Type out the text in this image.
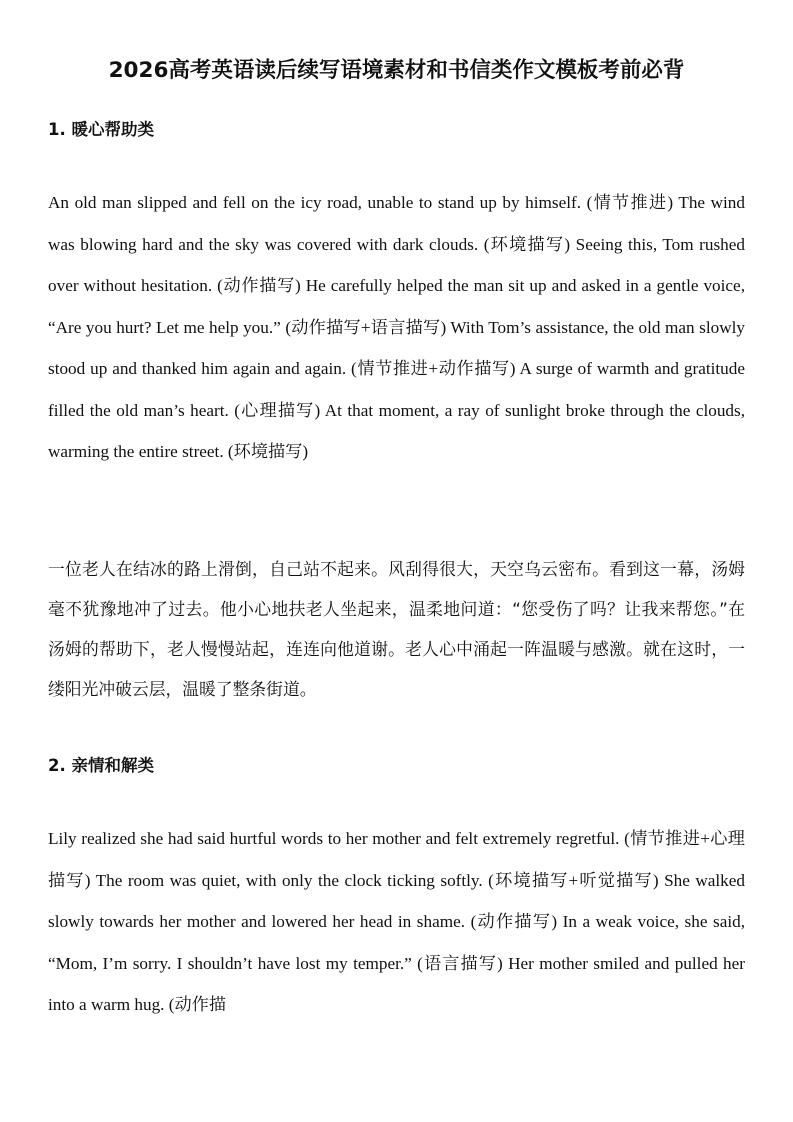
2026高考英语读后续写语境素材和书信类作文模板考前必背
1. 暖心帮助类

An old man slipped and fell on the icy road, unable to stand up by himself. (情节推进) The wind was blowing hard and the sky was covered with dark clouds. (环境描写) Seeing this, Tom rushed over without hesitation. (动作描写) He carefully helped the man sit up and asked in a gentle voice, “Are you hurt? Let me help you.” (动作描写+语言描写) With Tom’s assistance, the old man slowly stood up and thanked him again and again. (情节推进+动作描写) A surge of warmth and gratitude filled the old man’s heart. (心理描写) At that moment, a ray of sunlight broke through the clouds, warming the entire street. (环境描写)

一位老人在结冰的路上滑倒，自己站不起来。风刮得很大，天空乌云密布。看到这一幕，汤姆毫不犹豫地冲了过去。他小心地扶老人坐起来，温柔地问道：“您受伤了吗？让我来帮您。”在汤姆的帮助下，老人慢慢站起，连连向他道谢。老人心中涌起一阵温暖与感激。就在这时，一缕阳光冲破云层，温暖了整条街道。

2. 亲情和解类

Lily realized she had said hurtful words to her mother and felt extremely regretful. (情节推进+心理描写) The room was quiet, with only the clock ticking softly. (环境描写+听觉描写) She walked slowly towards her mother and lowered her head in shame. (动作描写) In a weak voice, she said, “Mom, I’m sorry. I shouldn’t have lost my temper.” (语言描写) Her mother smiled and pulled her into a warm hug. (动作描
